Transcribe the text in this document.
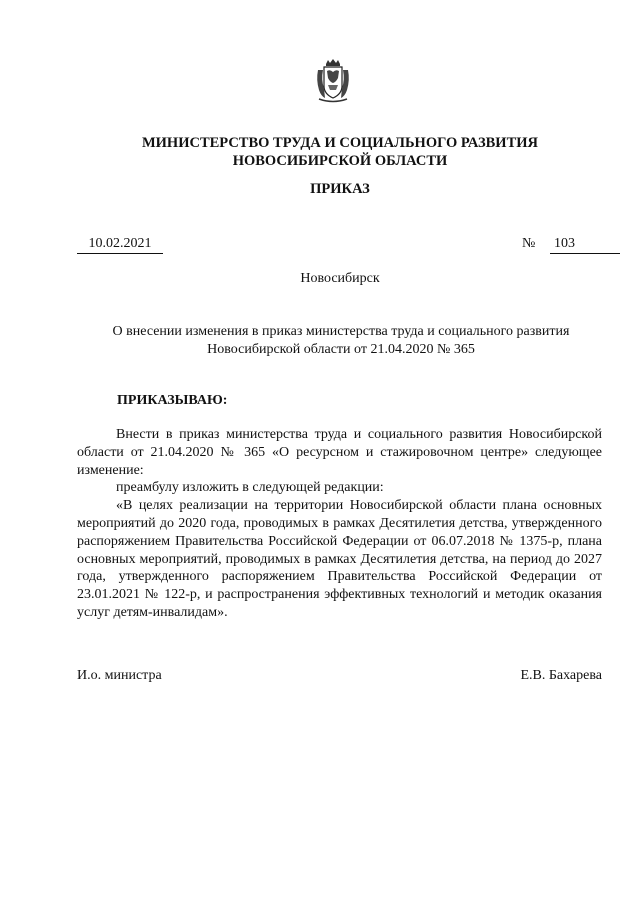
МИНИСТЕРСТВО ТРУДА И СОЦИАЛЬНОГО РАЗВИТИЯ
НОВОСИБИРСКОЙ ОБЛАСТИ
ПРИКАЗ
10.02.2021	№ 103
Новосибирск
О внесении изменения в приказ министерства труда и социального развития
Новосибирской области от 21.04.2020 № 365
ПРИКАЗЫВАЮ:

Внести в приказ министерства труда и социального развития Новосибирской области от 21.04.2020 № 365 «О ресурсном и стажировочном центре» следующее изменение:

преамбулу изложить в следующей редакции:

«В целях реализации на территории Новосибирской области плана основных мероприятий до 2020 года, проводимых в рамках Десятилетия детства, утвержденного распоряжением Правительства Российской Федерации от 06.07.2018 № 1375-р, плана основных мероприятий, проводимых в рамках Десятилетия детства, на период до 2027 года, утвержденного распоряжением Правительства Российской Федерации от 23.01.2021 № 122-р, и распространения эффективных технологий и методик оказания услуг детям-инвалидам».

И.о. министра	Е.В. Бахарева
